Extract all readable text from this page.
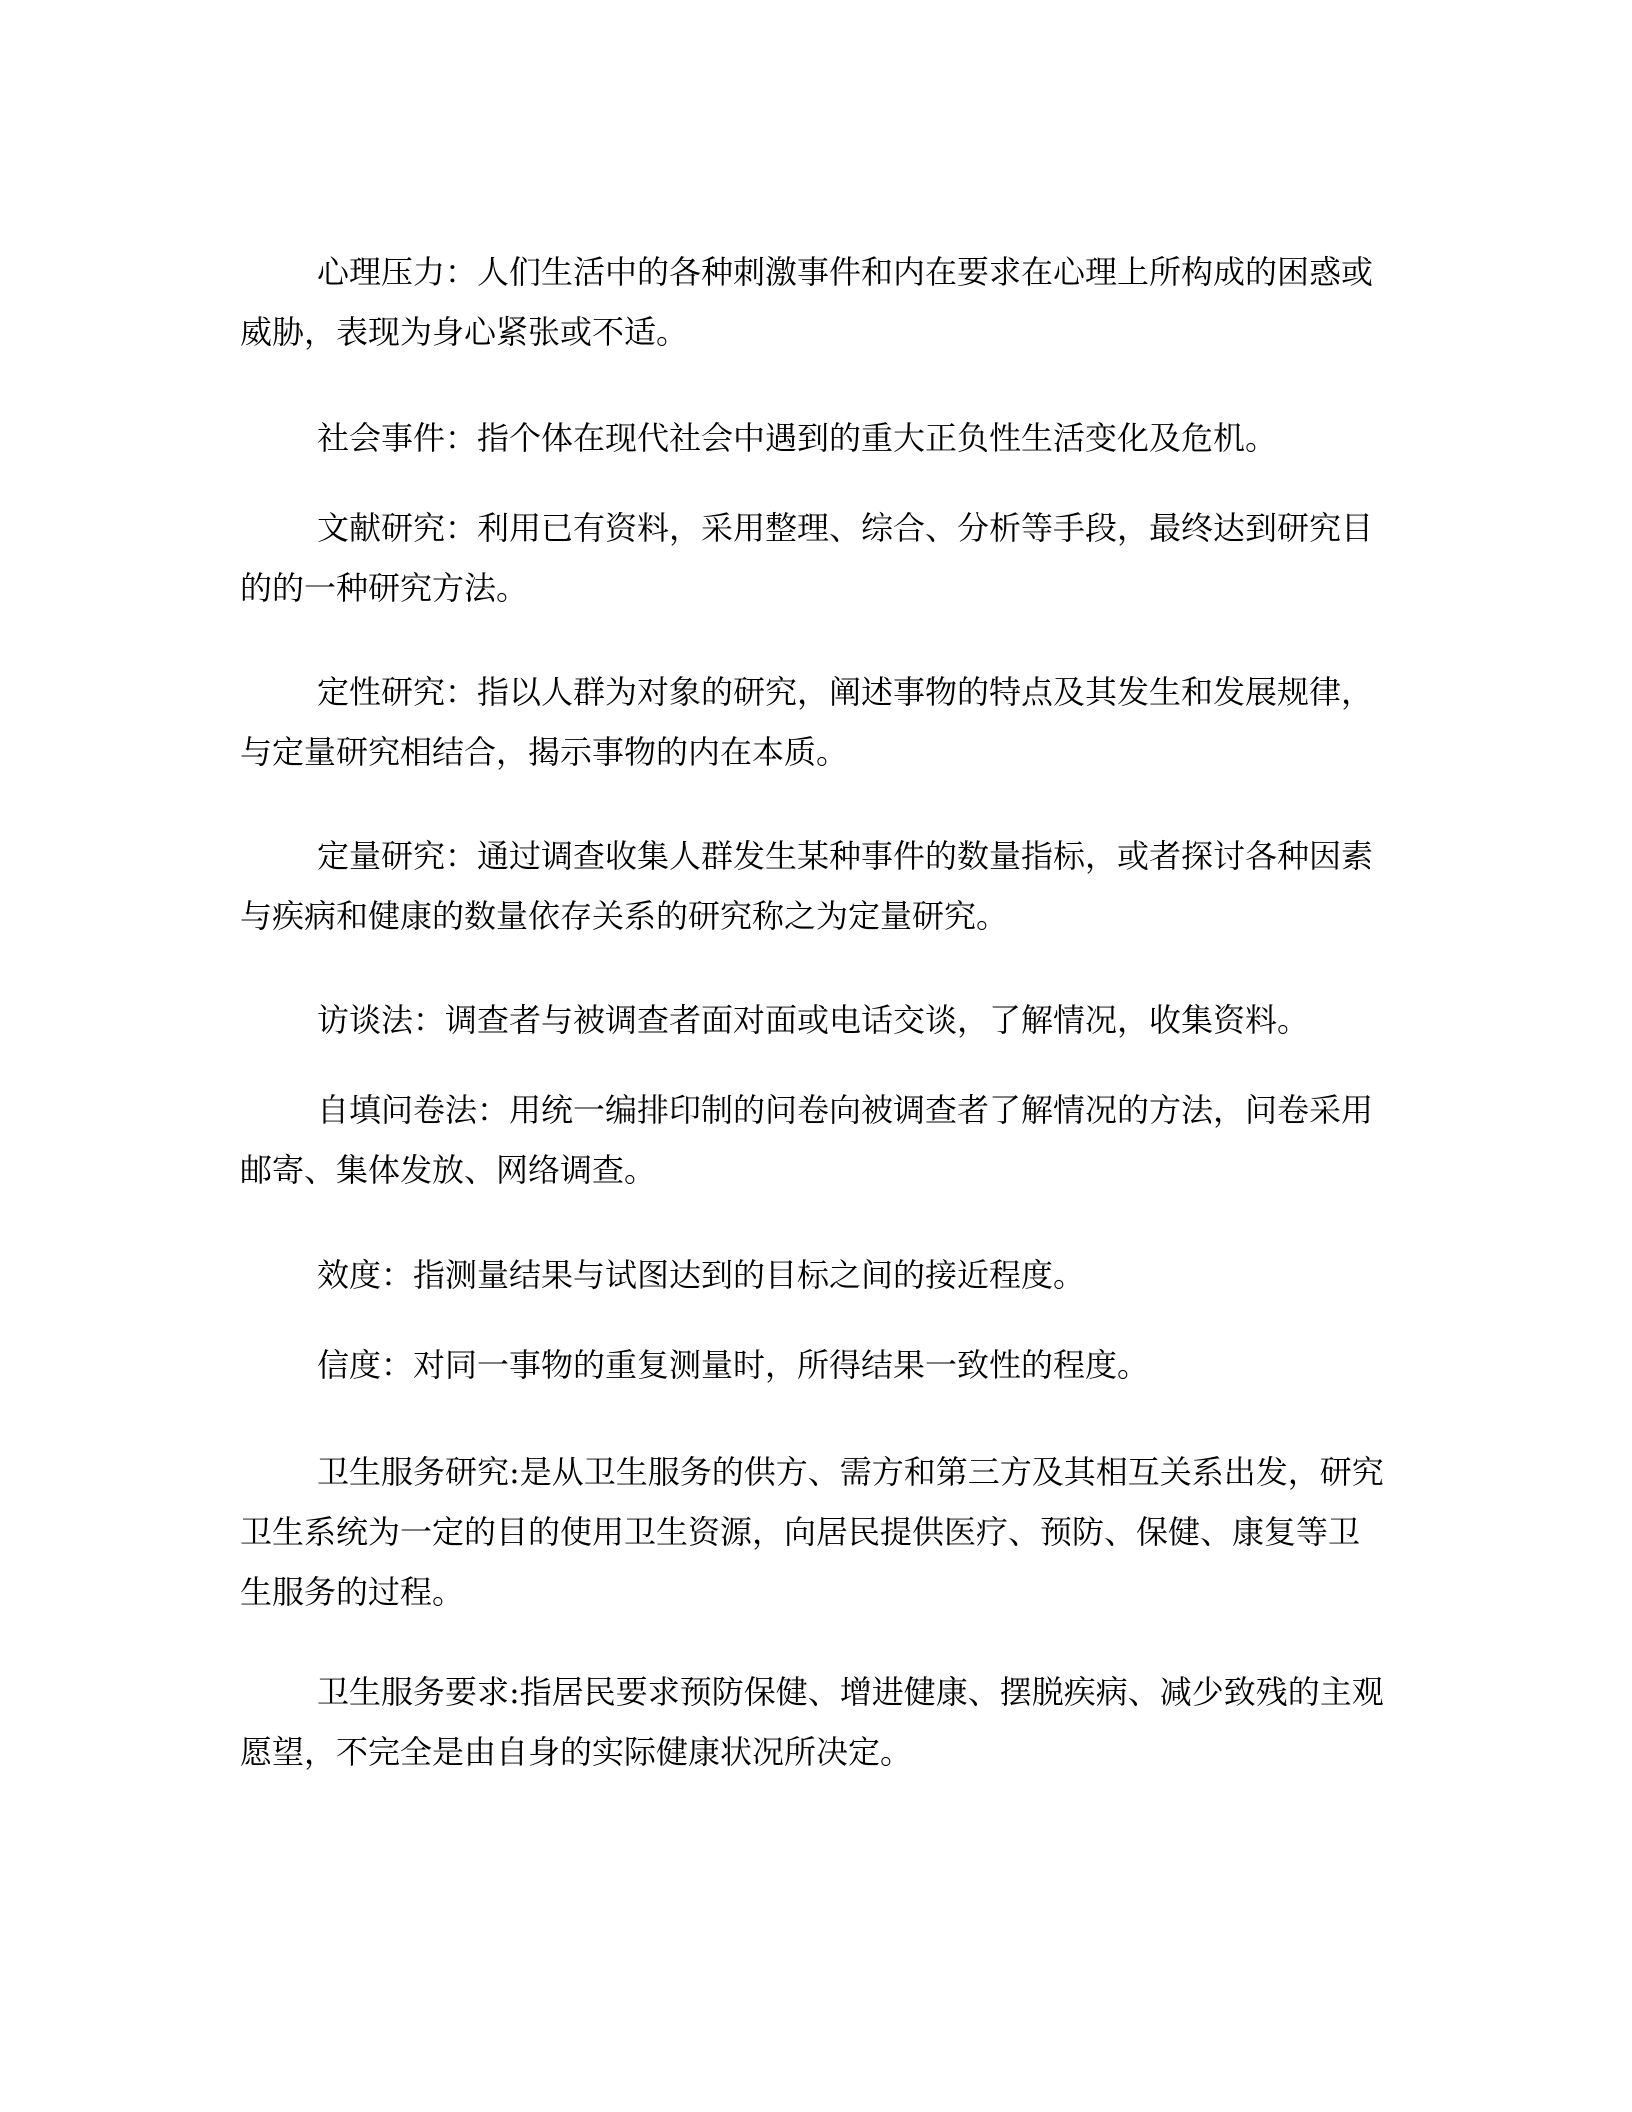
心理压力：人们生活中的各种刺激事件和内在要求在心理上所构成的困惑或威胁，表现为身心紧张或不适。

社会事件：指个体在现代社会中遇到的重大正负性生活变化及危机。

文献研究：利用已有资料，采用整理、综合、分析等手段，最终达到研究目的的一种研究方法。

定性研究：指以人群为对象的研究，阐述事物的特点及其发生和发展规律，与定量研究相结合，揭示事物的内在本质。

定量研究：通过调查收集人群发生某种事件的数量指标，或者探讨各种因素与疾病和健康的数量依存关系的研究称之为定量研究。

访谈法：调查者与被调查者面对面或电话交谈，了解情况，收集资料。

自填问卷法：用统一编排印制的问卷向被调查者了解情况的方法，问卷采用邮寄、集体发放、网络调查。

效度：指测量结果与试图达到的目标之间的接近程度。

信度：对同一事物的重复测量时，所得结果一致性的程度。

卫生服务研究:是从卫生服务的供方、需方和第三方及其相互关系出发，研究卫生系统为一定的目的使用卫生资源，向居民提供医疗、预防、保健、康复等卫生服务的过程。

卫生服务要求:指居民要求预防保健、增进健康、摆脱疾病、减少致残的主观愿望，不完全是由自身的实际健康状况所决定。
